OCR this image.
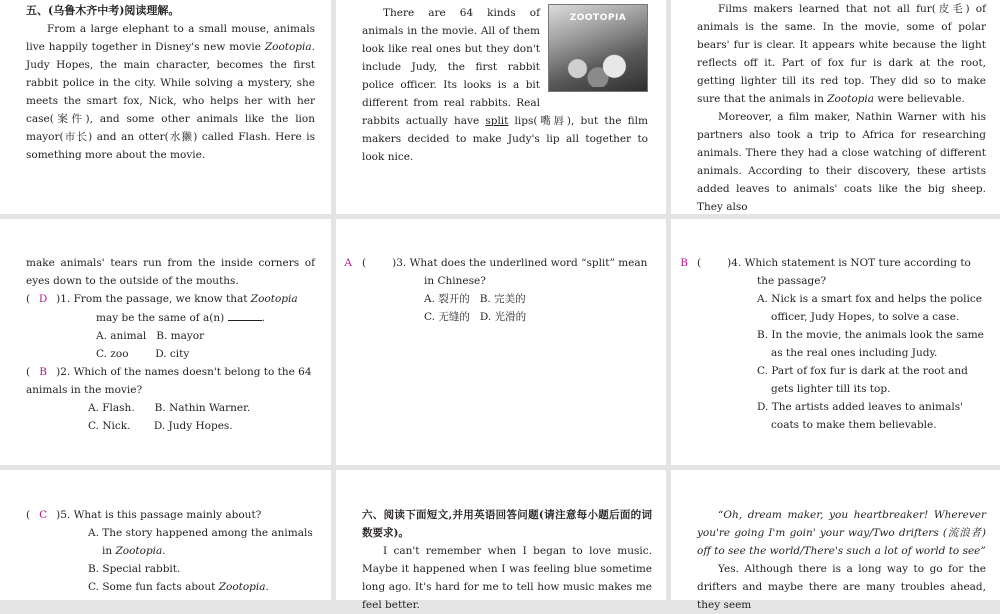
五、(乌鲁木齐中考)阅读理解。

From a large elephant to a small mouse, animals live happily together in Disney's new movie Zootopia. Judy Hopes, the main character, becomes the first rabbit police in the city. While solving a mystery, she meets the smart fox, Nick, who helps her with her case(案件), and some other animals like the lion mayor(市长) and an otter(水獭) called Flash. Here is something more about the movie.

ZOOTOPIA

There are 64 kinds of animals in the movie. All of them look like real ones but they don't include Judy, the first rabbit police officer. Its looks is a bit different from real rabbits. Real rabbits actually have split lips(嘴唇), but the film makers decided to make Judy's lip all together to look nice.

Films makers learned that not all fur(皮毛) of animals is the same. In the movie, some of polar bears' fur is clear. It appears white because the light reflects off it. Part of fox fur is dark at the root, getting lighter till its red top. They did so to make sure that the animals in Zootopia were believable.

Moreover, a film maker, Nathin Warner with his partners also took a trip to Africa for researching animals. There they had a close watching of different animals. According to their discovery, these artists added leaves to animals' coats like the big sheep. They also

make animals' tears run from the inside corners of eyes down to the outside of the mouths.

( D )1. From the passage, we know that Zootopia

may be the same of a(n)	.

A. animal   B. mayor

C. zoo        D. city

( B )2. Which of the names doesn't belong to the 64 animals in the movie?

A. Flash.      B. Nathin Warner.

C. Nick.       D. Judy Hopes.

(A	)3. What does the underlined word “split” mean in Chinese?

A. 裂开的   B. 完美的

C. 无缝的   D. 光滑的

(B	)4. Which statement is NOT ture according to the passage?

A. Nick is a smart fox and helps the police officer, Judy Hopes, to solve a case.

B. In the movie, the animals look the same as the real ones including Judy.

C. Part of fox fur is dark at the root and gets lighter till its top.

D. The artists added leaves to animals' coats to make them believable.

( C )5. What is this passage mainly about?

A. The story happened among the animals in Zootopia.

B. Special rabbit.

C. Some fun facts about Zootopia.

六、阅读下面短文,并用英语回答问题(请注意每小题后面的词数要求)。

I can't remember when I began to love music. Maybe it happened when I was feeling blue sometime long ago. It's hard for me to tell how music makes me feel better.

“Oh, dream maker, you heartbreaker! Wherever you're going I'm goin' your way/Two drifters (流浪者) off to see the world/There's such a lot of world to see”

Yes. Although there is a long way to go for the drifters and maybe there are many troubles ahead, they seem
